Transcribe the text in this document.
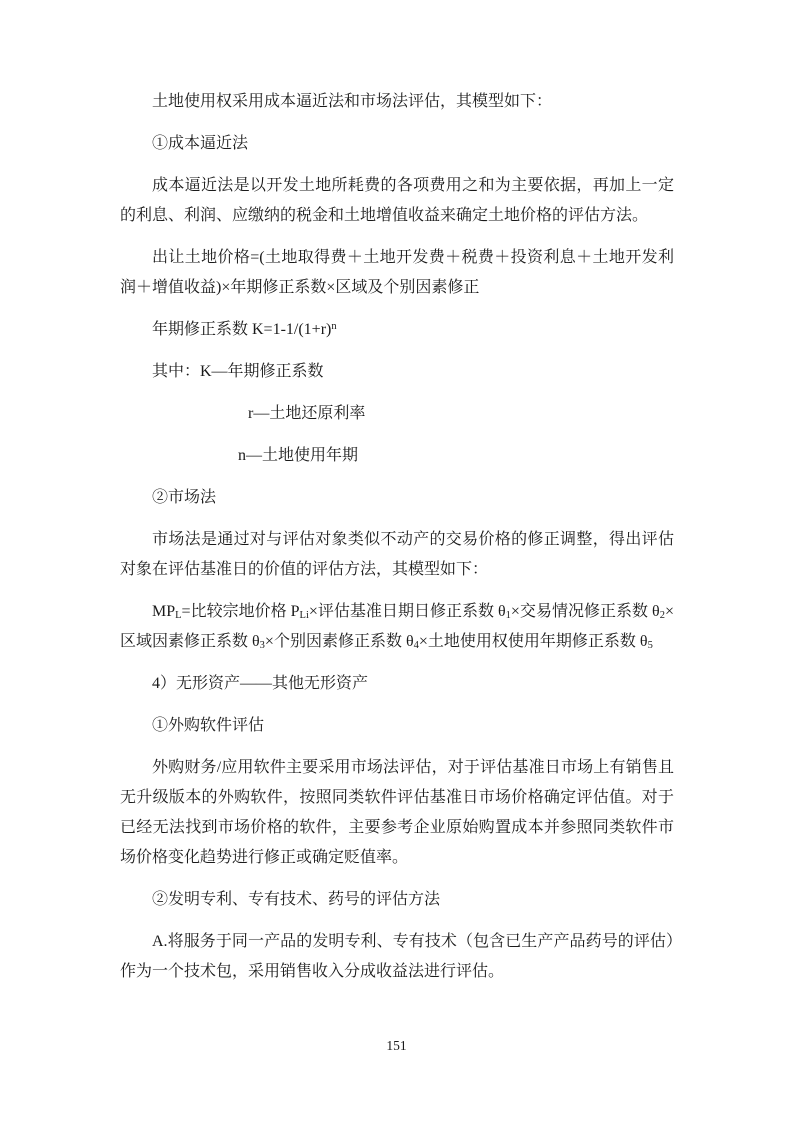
土地使用权采用成本逼近法和市场法评估，其模型如下：

①成本逼近法

成本逼近法是以开发土地所耗费的各项费用之和为主要依据，再加上一定的利息、利润、应缴纳的税金和土地增值收益来确定土地价格的评估方法。

出让土地价格=(土地取得费＋土地开发费＋税费＋投资利息＋土地开发利润＋增值收益)×年期修正系数×区域及个别因素修正

年期修正系数 $K=1-1/(1+r)^n$

其中：K—年期修正系数

r—土地还原利率

n—土地使用年期

②市场法

市场法是通过对与评估对象类似不动产的交易价格的修正调整，得出评估对象在评估基准日的价值的评估方法，其模型如下：

$MP_L=$比较宗地价格 $P_{Li}\times$评估基准日期日修正系数 $\theta_1\times$交易情况修正系数 $\theta_2\times$区域因素修正系数 $\theta_3\times$个别因素修正系数 $\theta_4\times$土地使用权使用年期修正系数 $\theta_5$

4）无形资产——其他无形资产

①外购软件评估

外购财务/应用软件主要采用市场法评估，对于评估基准日市场上有销售且无升级版本的外购软件，按照同类软件评估基准日市场价格确定评估值。对于已经无法找到市场价格的软件，主要参考企业原始购置成本并参照同类软件市场价格变化趋势进行修正或确定贬值率。

②发明专利、专有技术、药号的评估方法

A.将服务于同一产品的发明专利、专有技术（包含已生产产品药号的评估）作为一个技术包，采用销售收入分成收益法进行评估。

151
